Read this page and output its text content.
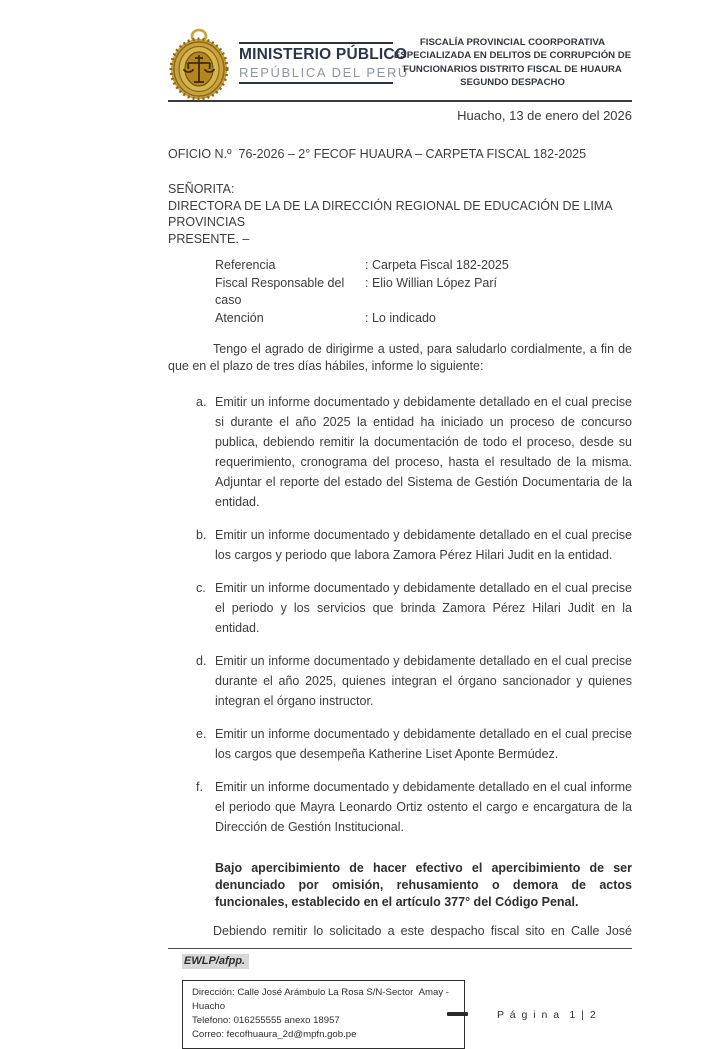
MINISTERIO PÚBLICO
REPÚBLICA DEL PERÚ
FISCALÍA PROVINCIAL COORPORATIVA
ESPECIALIZADA EN DELITOS DE CORRUPCIÓN DE
FUNCIONARIOS DISTRITO FISCAL DE HUAURA
SEGUNDO DESPACHO
Huacho, 13 de enero del 2026
OFICIO N.º  76-2026 – 2° FECOF HUAURA – CARPETA FISCAL 182-2025
SEÑORITA:
DIRECTORA DE LA DE LA DIRECCIÓN REGIONAL DE EDUCACIÓN DE LIMA PROVINCIAS
PRESENTE. –
Referencia	: Carpeta Fiscal 182-2025
Fiscal Responsable del caso
: Elio Willian López Parí
Atención	: Lo indicado

Tengo el agrado de dirigirme a usted, para saludarlo cordialmente, a fin de que en el plazo de tres días hábiles, informe lo siguiente:

a. Emitir un informe documentado y debidamente detallado en el cual precise si durante el año 2025 la entidad ha iniciado un proceso de concurso publica, debiendo remitir la documentación de todo el proceso, desde su requerimiento, cronograma del proceso, hasta el resultado de la misma. Adjuntar el reporte del estado del Sistema de Gestión Documentaria de la entidad.
b. Emitir un informe documentado y debidamente detallado en el cual precise los cargos y periodo que labora Zamora Pérez Hilari Judit en la entidad.
c. Emitir un informe documentado y debidamente detallado en el cual precise el periodo y los servicios que brinda Zamora Pérez Hilari Judit en la entidad.
d. Emitir un informe documentado y debidamente detallado en el cual precise durante el año 2025, quienes integran el órgano sancionador y quienes integran el órgano instructor.
e. Emitir un informe documentado y debidamente detallado en el cual precise los cargos que desempeña Katherine Liset Aponte Bermúdez.
f. Emitir un informe documentado y debidamente detallado en el cual informe el periodo que Mayra Leonardo Ortiz ostento el cargo e encargatura de la Dirección de Gestión Institucional.

Bajo apercibimiento de hacer efectivo el apercibimiento de ser denunciado por omisión, rehusamiento o demora de actos funcionales, establecido en el artículo 377° del Código Penal.

Debiendo remitir lo solicitado a este despacho fiscal sito en Calle José

EWLP/afpp.
Dirección: Calle José Arámbulo La Rosa S/N-Sector  Amay - Huacho
Telefono: 016255555 anexo 18957
Correo: fecofhuaura_2d@mpfn.gob.pe
P á g i n a  1 | 2
